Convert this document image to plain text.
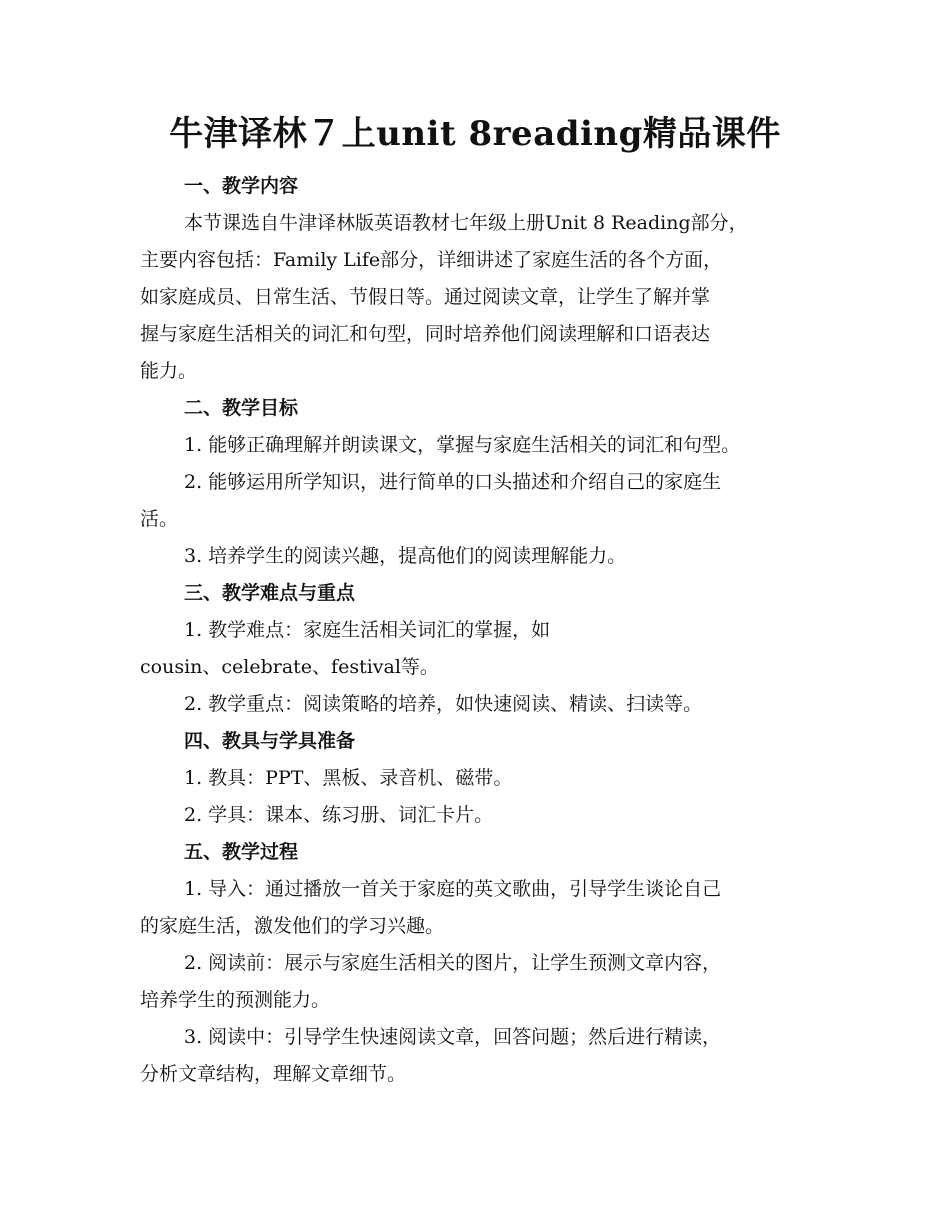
牛津译林７上unit 8reading精品课件

一、教学内容

本节课选自牛津译林版英语教材七年级上册Unit 8 Reading部分，
主要内容包括：Family Life部分，详细讲述了家庭生活的各个方面，
如家庭成员、日常生活、节假日等。通过阅读文章，让学生了解并掌
握与家庭生活相关的词汇和句型，同时培养他们阅读理解和口语表达
能力。

二、教学目标

1. 能够正确理解并朗读课文，掌握与家庭生活相关的词汇和句型。

2. 能够运用所学知识，进行简单的口头描述和介绍自己的家庭生
活。

3. 培养学生的阅读兴趣，提高他们的阅读理解能力。

三、教学难点与重点

1. 教学难点：家庭生活相关词汇的掌握，如
cousin、celebrate、festival等。

2. 教学重点：阅读策略的培养，如快速阅读、精读、扫读等。

四、教具与学具准备

1. 教具：PPT、黑板、录音机、磁带。

2. 学具：课本、练习册、词汇卡片。

五、教学过程

1. 导入：通过播放一首关于家庭的英文歌曲，引导学生谈论自己
的家庭生活，激发他们的学习兴趣。

2. 阅读前：展示与家庭生活相关的图片，让学生预测文章内容，
培养学生的预测能力。

3. 阅读中：引导学生快速阅读文章，回答问题；然后进行精读，
分析文章结构，理解文章细节。
